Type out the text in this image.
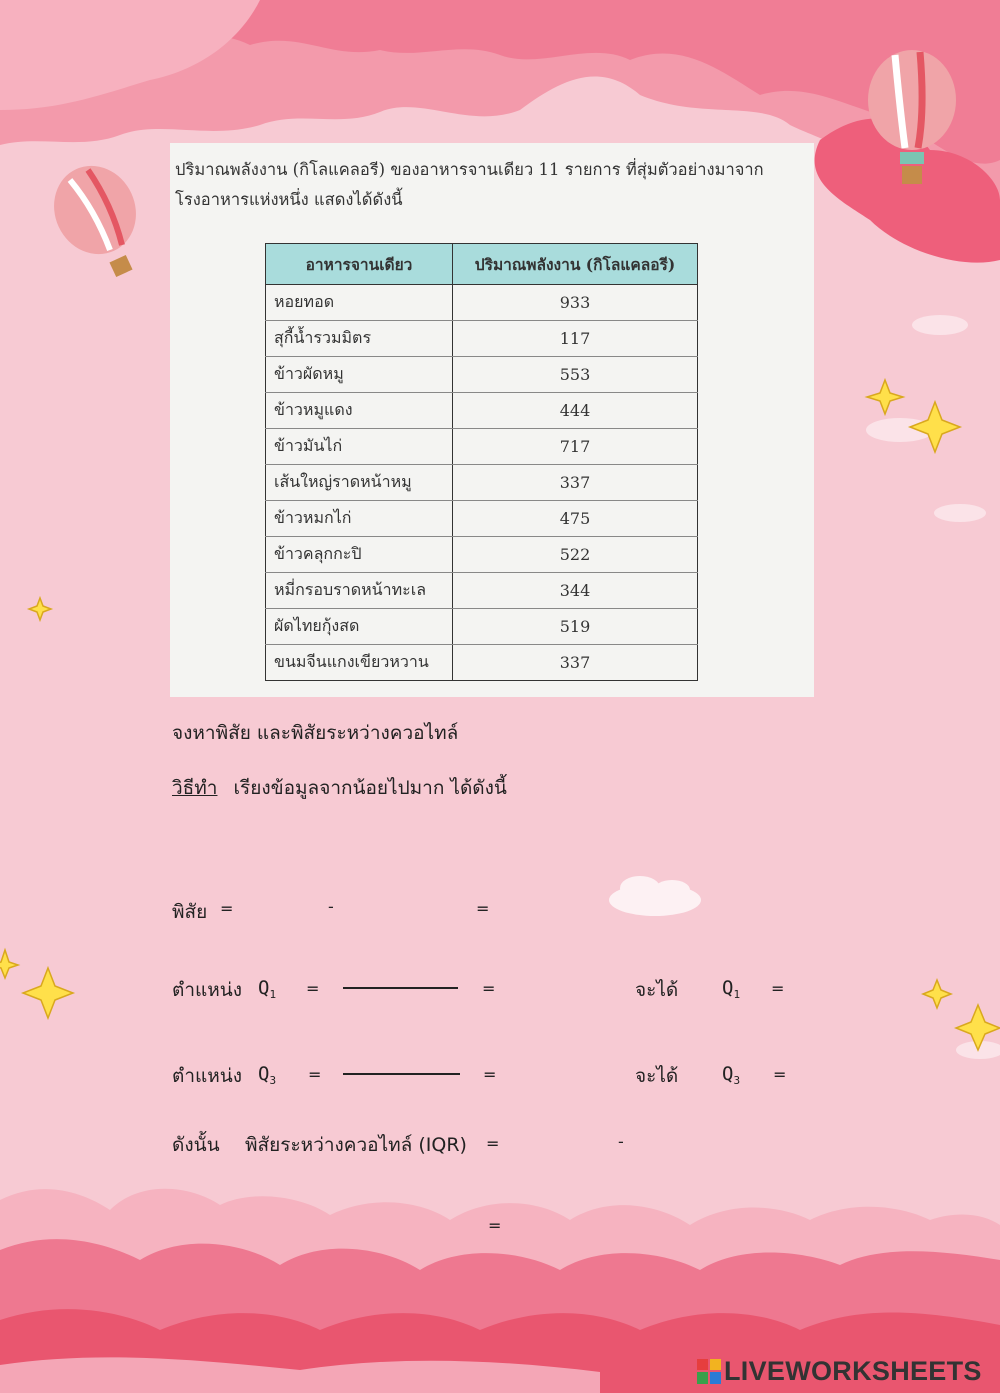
ปริมาณพลังงาน (กิโลแคลอรี) ของอาหารจานเดียว 11 รายการ ที่สุ่มตัวอย่างมาจาก
โรงอาหารแห่งหนึ่ง แสดงได้ดังนี้
อาหารจานเดียว	ปริมาณพลังงาน (กิโลแคลอรี)
หอยทอด	933
สุกี้น้ำรวมมิตร	117
ข้าวผัดหมู	553
ข้าวหมูแดง	444
ข้าวมันไก่	717
เส้นใหญ่ราดหน้าหมู	337
ข้าวหมกไก่	475
ข้าวคลุกกะปิ	522
หมี่กรอบราดหน้าทะเล	344
ผัดไทยกุ้งสด	519
ขนมจีนแกงเขียวหวาน	337
จงหาพิสัย และพิสัยระหว่างควอไทล์
วิธีทำ เรียงข้อมูลจากน้อยไปมาก ได้ดังนี้
พิสัย =	-	=
ตำแหน่ง $Q_1$ =	=	จะได้ $Q_1$ =
ตำแหน่ง $Q_3$ =	=	จะได้ $Q_3$ =
ดังนั้น พิสัยระหว่างควอไทล์ (IQR) =	-
=
LIVEWORKSHEETS
